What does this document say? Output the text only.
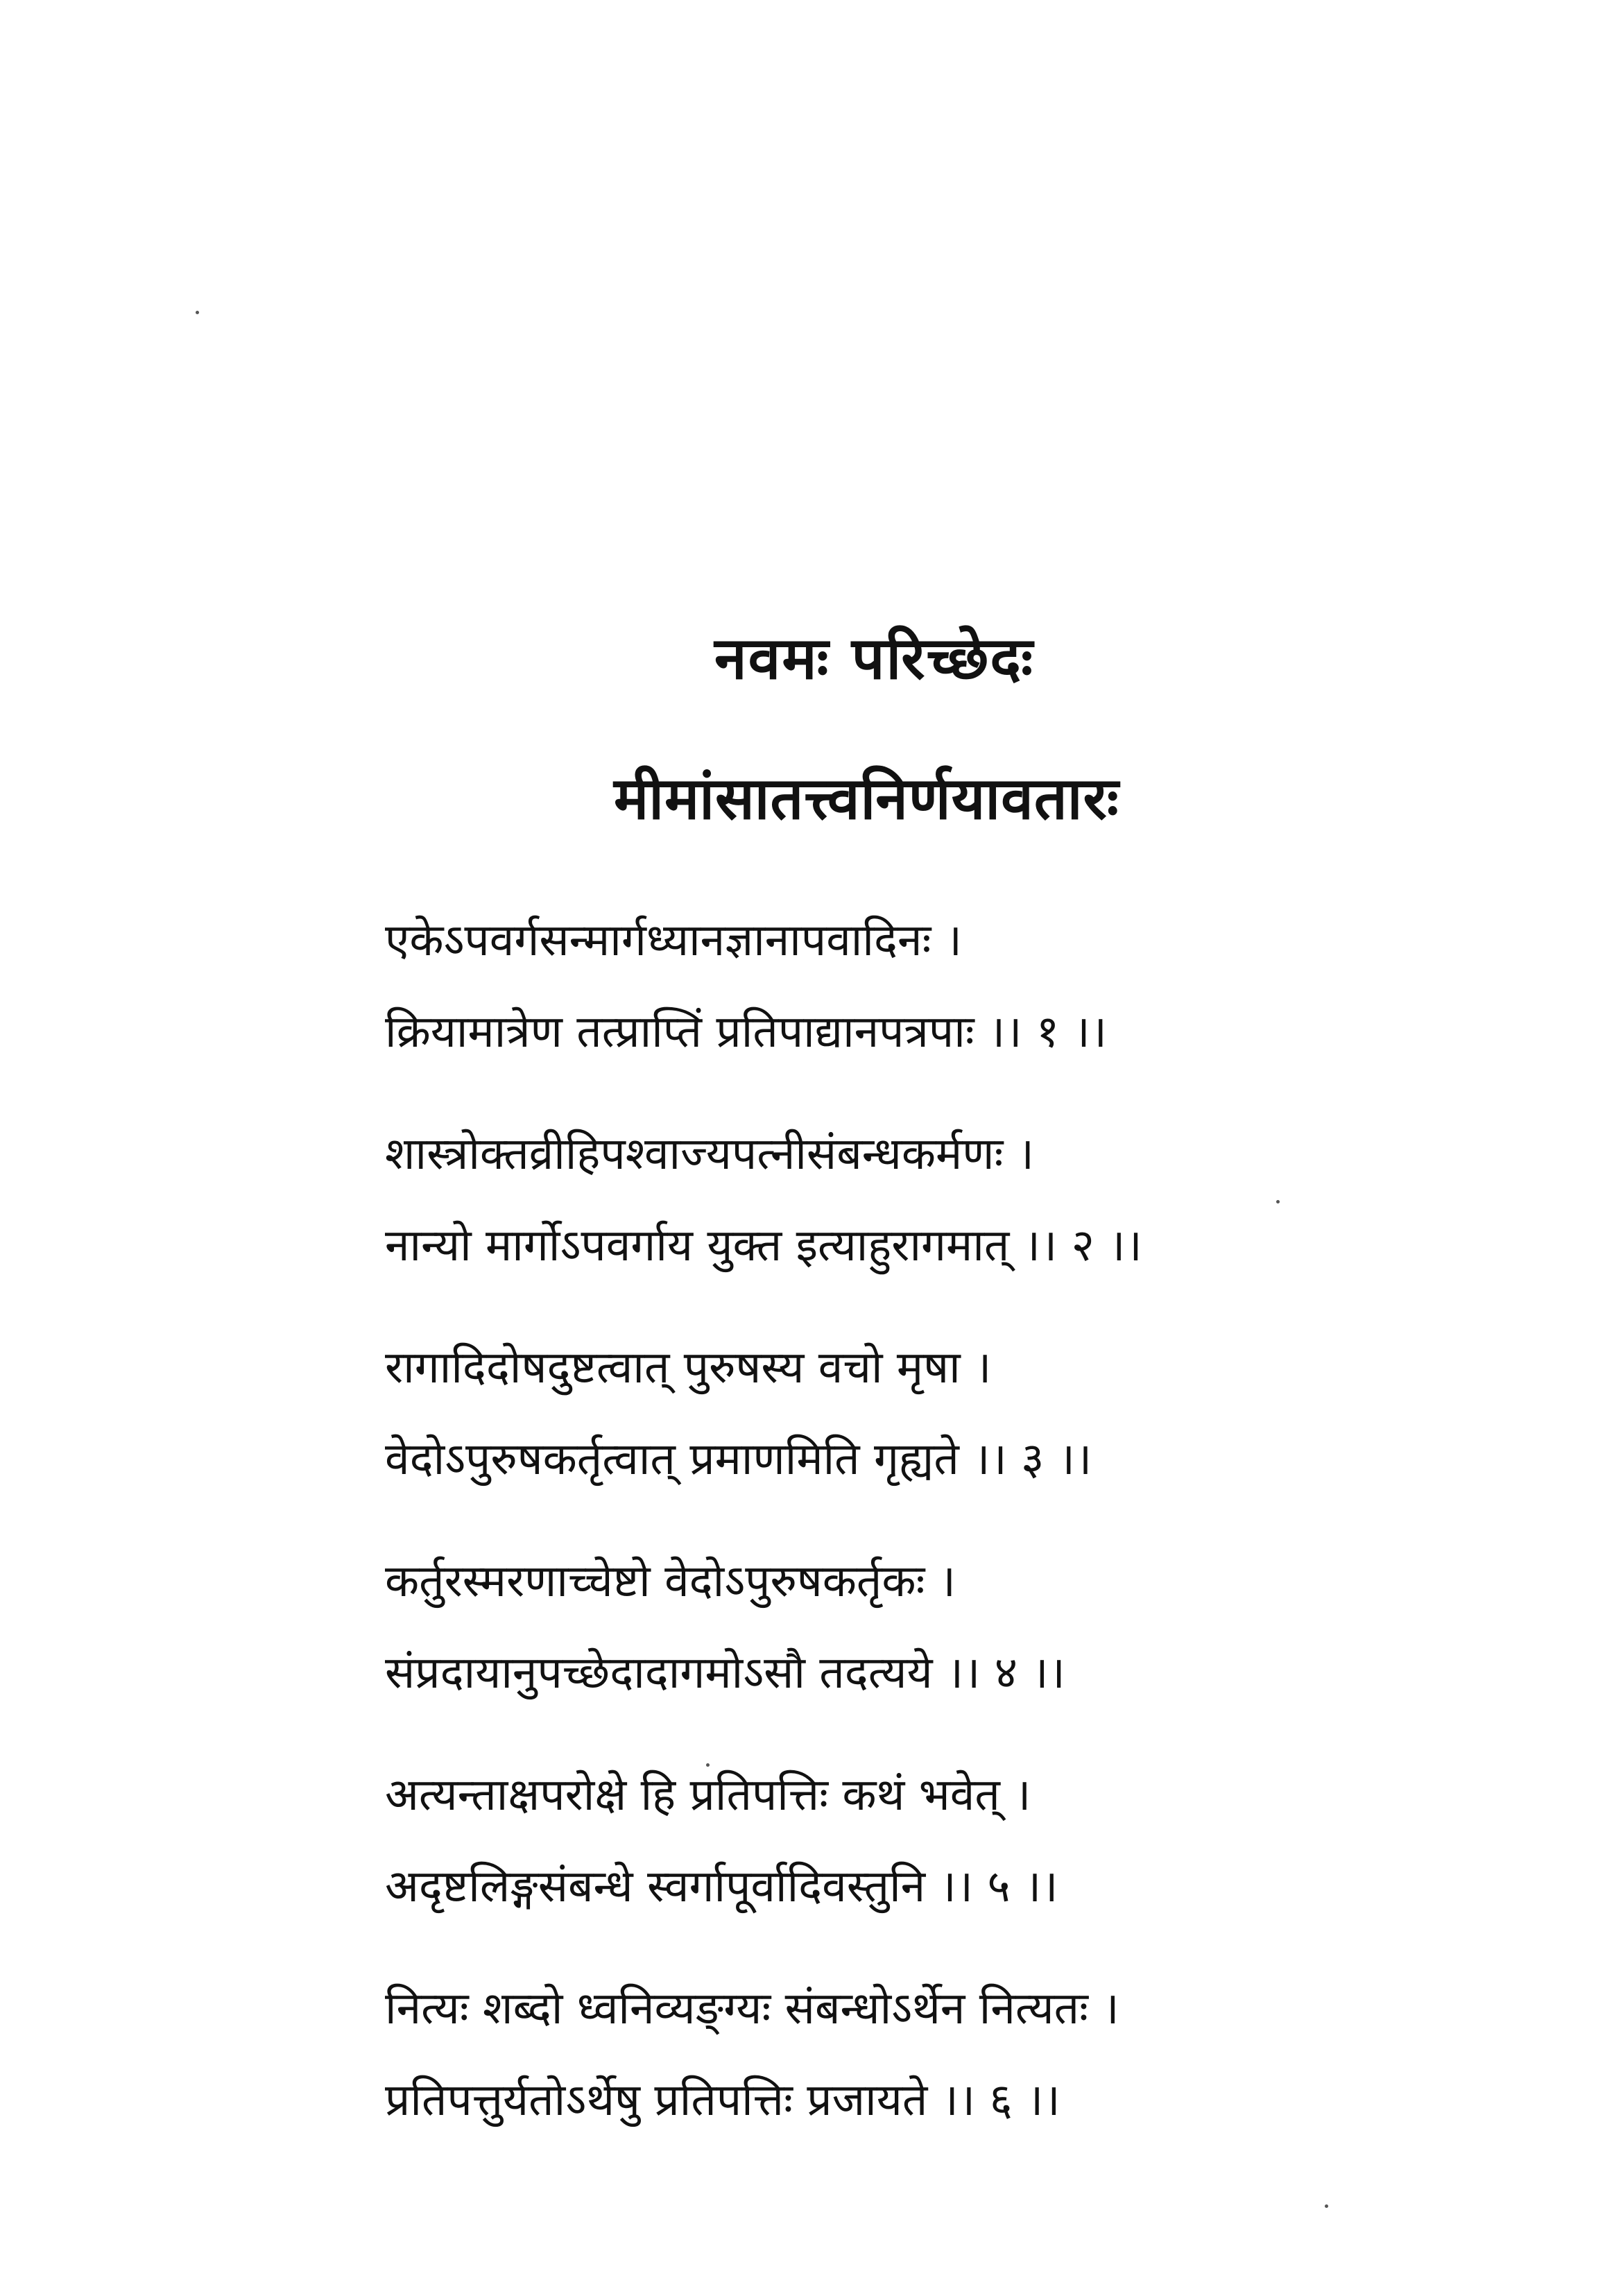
नवमः परिच्छेदः
मीमांसातत्त्वनिर्णयावतारः
एकेऽपवर्गसन्मार्गध्यानज्ञानापवादिनः ।
क्रियामात्रेण तत्प्राप्तिं प्रतिपाद्यानपत्रपाः ।। १ ।।
शास्त्रोक्तव्रीहिपश्वाज्यपत्नीसंबन्धकर्मणः ।
नान्यो मार्गोऽपवर्गाय युक्त इत्याहुरागमात् ।। २ ।।
रागादिदोषदुष्टत्वात् पुरुषस्य वचो मृषा ।
वेदोऽपुरुषकर्तृत्वात् प्रमाणमिति गृह्यते ।। ३ ।।
कर्तुरस्मरणाच्चेष्टो वेदोऽपुरुषकर्तृकः ।
संप्रदायानुपच्छेदादागमोऽसौ तदत्यये ।। ४ ।।
अत्यन्ताक्षपरोक्षे हि प्रतिपत्तिः कथं भवेत् ।
अदृष्टलिङ्गसंबन्धे स्वर्गापूर्वादिवस्तुनि ।। ५ ।।
नित्यः शब्दो ध्वनिव्यङ्ग्यः संबन्धोऽर्थेन नित्यतः ।
प्रतिपत्तुर्यतोऽर्थेषु प्रतिपत्तिः प्रजायते ।। ६ ।।
